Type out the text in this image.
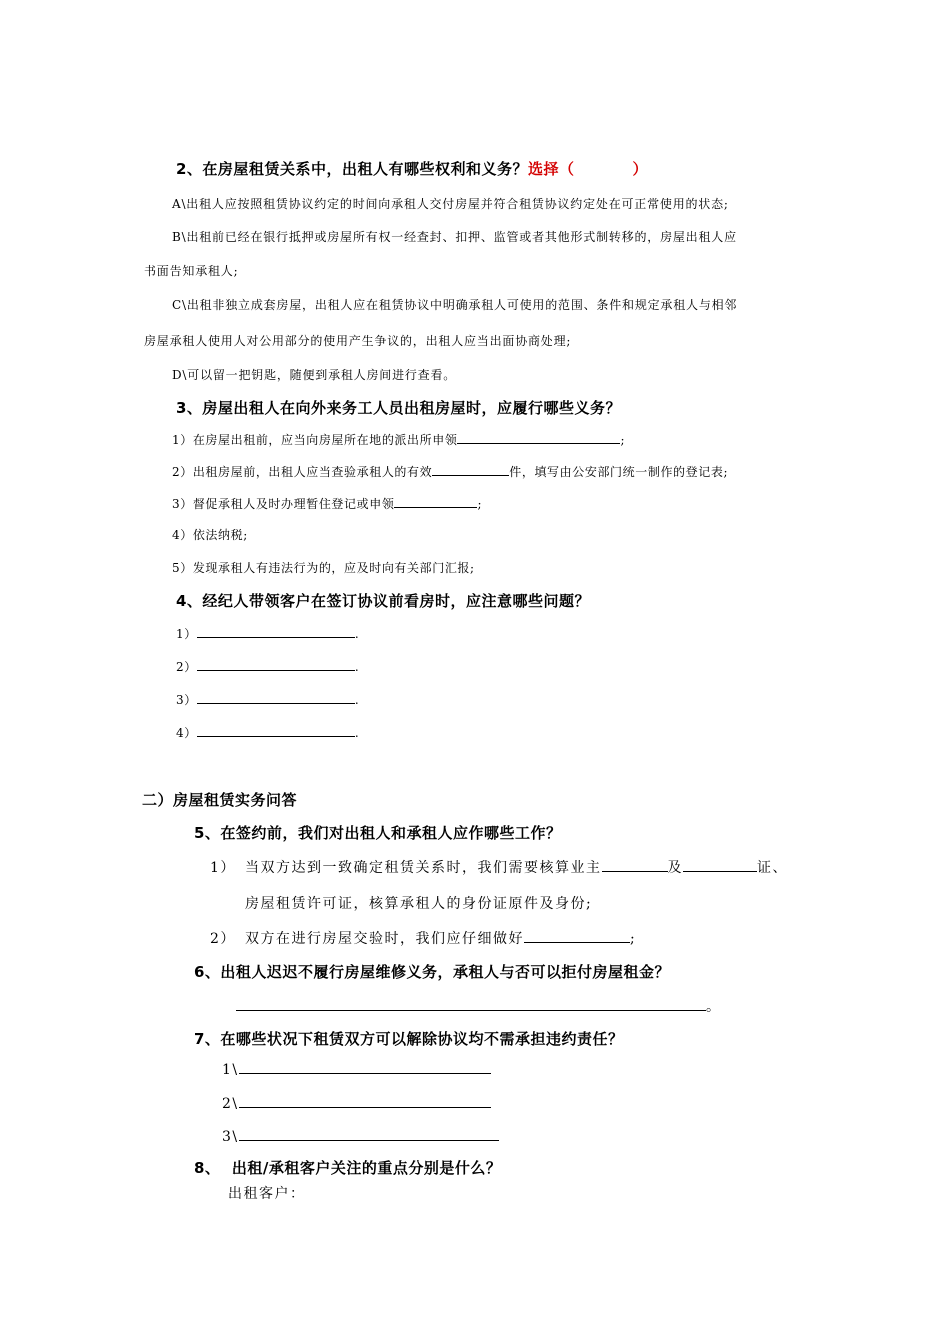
2、在房屋租赁关系中，出租人有哪些权利和义务？选择（	）
A\出租人应按照租赁协议约定的时间向承租人交付房屋并符合租赁协议约定处在可正常使用的状态;
B\出租前已经在银行抵押或房屋所有权一经查封、扣押、监管或者其他形式制转移的，房屋出租人应
书面告知承租人;
C\出租非独立成套房屋，出租人应在租赁协议中明确承租人可使用的范围、条件和规定承租人与相邻
房屋承租人使用人对公用部分的使用产生争议的，出租人应当出面协商处理;
D\可以留一把钥匙，随便到承租人房间进行查看。
3、房屋出租人在向外来务工人员出租房屋时，应履行哪些义务？
1）在房屋出租前，应当向房屋所在地的派出所申领	;
2）出租房屋前，出租人应当查验承租人的有效	件，填写由公安部门统一制作的登记表;
3）督促承租人及时办理暂住登记或申领	;
4）依法纳税;
5）发现承租人有违法行为的，应及时向有关部门汇报;
4、经纪人带领客户在签订协议前看房时，应注意哪些问题？
1）	.
2）	.
3）	.
4）	.
二）房屋租赁实务问答
5、在签约前，我们对出租人和承租人应作哪些工作？
1） 当双方达到一致确定租赁关系时，我们需要核算业主	及	证、
房屋租赁许可证，核算承租人的身份证原件及身份;
2） 双方在进行房屋交验时，我们应仔细做好	;
6、出租人迟迟不履行房屋维修义务，承租人与否可以拒付房屋租金？
。
7、在哪些状况下租赁双方可以解除协议均不需承担违约责任？
1\
2\
3\
8、  出租/承租客户关注的重点分别是什么？
出租客户：
